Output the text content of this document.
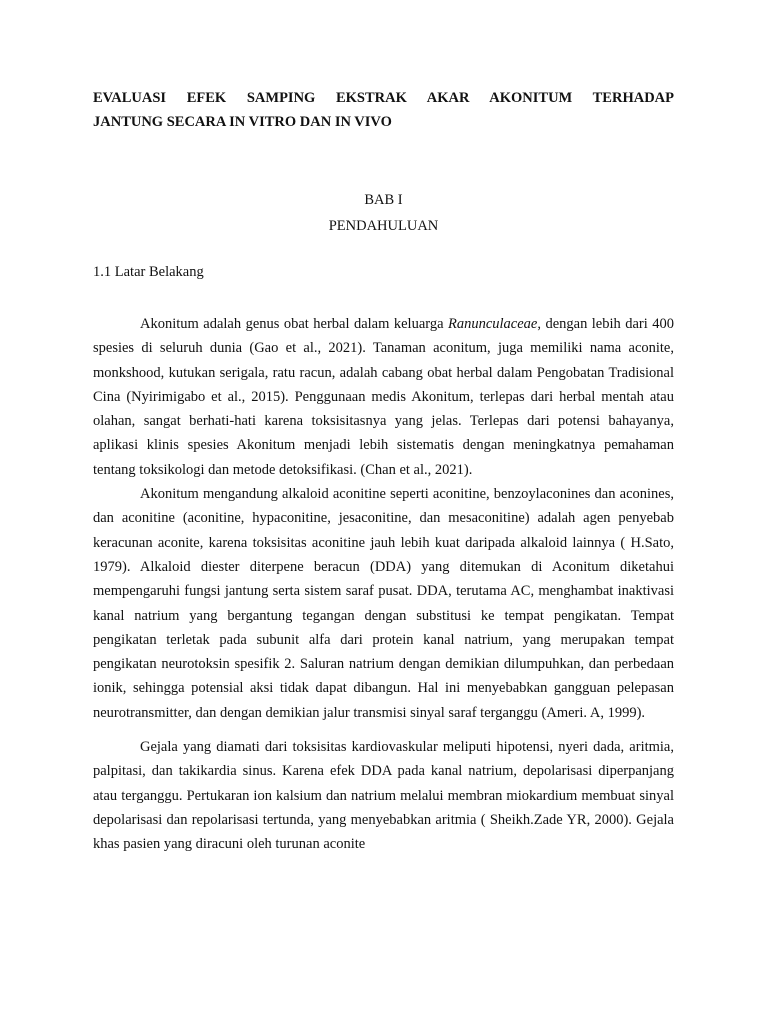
EVALUASI EFEK SAMPING EKSTRAK AKAR AKONITUM TERHADAP
JANTUNG SECARA IN VITRO DAN IN VIVO
BAB I
PENDAHULUAN
1.1 Latar Belakang

Akonitum adalah genus obat herbal dalam keluarga Ranunculaceae, dengan lebih dari 400 spesies di seluruh dunia (Gao et al., 2021). Tanaman aconitum, juga memiliki nama aconite, monkshood, kutukan serigala, ratu racun, adalah cabang obat herbal dalam Pengobatan Tradisional Cina (Nyirimigabo et al., 2015). Penggunaan medis Akonitum, terlepas dari herbal mentah atau olahan, sangat berhati-hati karena toksisitasnya yang jelas. Terlepas dari potensi bahayanya, aplikasi klinis spesies Akonitum menjadi lebih sistematis dengan meningkatnya pemahaman tentang toksikologi dan metode detoksifikasi. (Chan et al., 2021).

Akonitum mengandung alkaloid aconitine seperti aconitine, benzoylaconines dan aconines, dan aconitine (aconitine, hypaconitine, jesaconitine, dan mesaconitine) adalah agen penyebab keracunan aconite, karena toksisitas aconitine jauh lebih kuat daripada alkaloid lainnya ( H.Sato, 1979). Alkaloid diester diterpene beracun (DDA) yang ditemukan di Aconitum diketahui mempengaruhi fungsi jantung serta sistem saraf pusat. DDA, terutama AC, menghambat inaktivasi kanal natrium yang bergantung tegangan dengan substitusi ke tempat pengikatan. Tempat pengikatan terletak pada subunit alfa dari protein kanal natrium, yang merupakan tempat pengikatan neurotoksin spesifik 2. Saluran natrium dengan demikian dilumpuhkan, dan perbedaan ionik, sehingga potensial aksi tidak dapat dibangun. Hal ini menyebabkan gangguan pelepasan neurotransmitter, dan dengan demikian jalur transmisi sinyal saraf terganggu (Ameri. A, 1999).

Gejala yang diamati dari toksisitas kardiovaskular meliputi hipotensi, nyeri dada, aritmia, palpitasi, dan takikardia sinus. Karena efek DDA pada kanal natrium, depolarisasi diperpanjang atau terganggu. Pertukaran ion kalsium dan natrium melalui membran miokardium membuat sinyal depolarisasi dan repolarisasi tertunda, yang menyebabkan aritmia ( Sheikh.Zade YR, 2000). Gejala khas pasien yang diracuni oleh turunan aconite
